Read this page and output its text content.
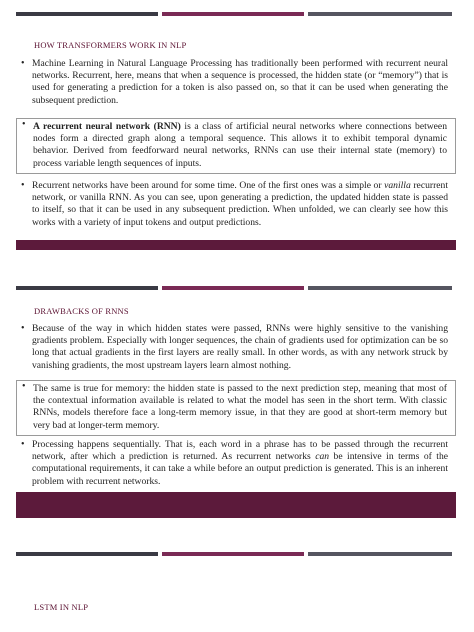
HOW TRANSFORMERS WORK IN NLP
• Machine Learning in Natural Language Processing has traditionally been performed with recurrent neural networks. Recurrent, here, means that when a sequence is processed, the hidden state (or “memory”) that is used for generating a prediction for a token is also passed on, so that it can be used when generating the subsequent prediction.
• A recurrent neural network (RNN) is a class of artificial neural networks where connections between nodes form a directed graph along a temporal sequence. This allows it to exhibit temporal dynamic behavior. Derived from feedforward neural networks, RNNs can use their internal state (memory) to process variable length sequences of inputs.
• Recurrent networks have been around for some time. One of the first ones was a simple or vanilla recurrent network, or vanilla RNN. As you can see, upon generating a prediction, the updated hidden state is passed to itself, so that it can be used in any subsequent prediction. When unfolded, we can clearly see how this works with a variety of input tokens and output predictions.
DRAWBACKS OF RNNS
• Because of the way in which hidden states were passed, RNNs were highly sensitive to the vanishing gradients problem. Especially with longer sequences, the chain of gradients used for optimization can be so long that actual gradients in the first layers are really small. In other words, as with any network struck by vanishing gradients, the most upstream layers learn almost nothing.
• The same is true for memory: the hidden state is passed to the next prediction step, meaning that most of the contextual information available is related to what the model has seen in the short term. With classic RNNs, models therefore face a long-term memory issue, in that they are good at short-term memory but very bad at longer-term memory.
• Processing happens sequentially. That is, each word in a phrase has to be passed through the recurrent network, after which a prediction is returned. As recurrent networks can be intensive in terms of the computational requirements, it can take a while before an output prediction is generated. This is an inherent problem with recurrent networks.
LSTM IN NLP
